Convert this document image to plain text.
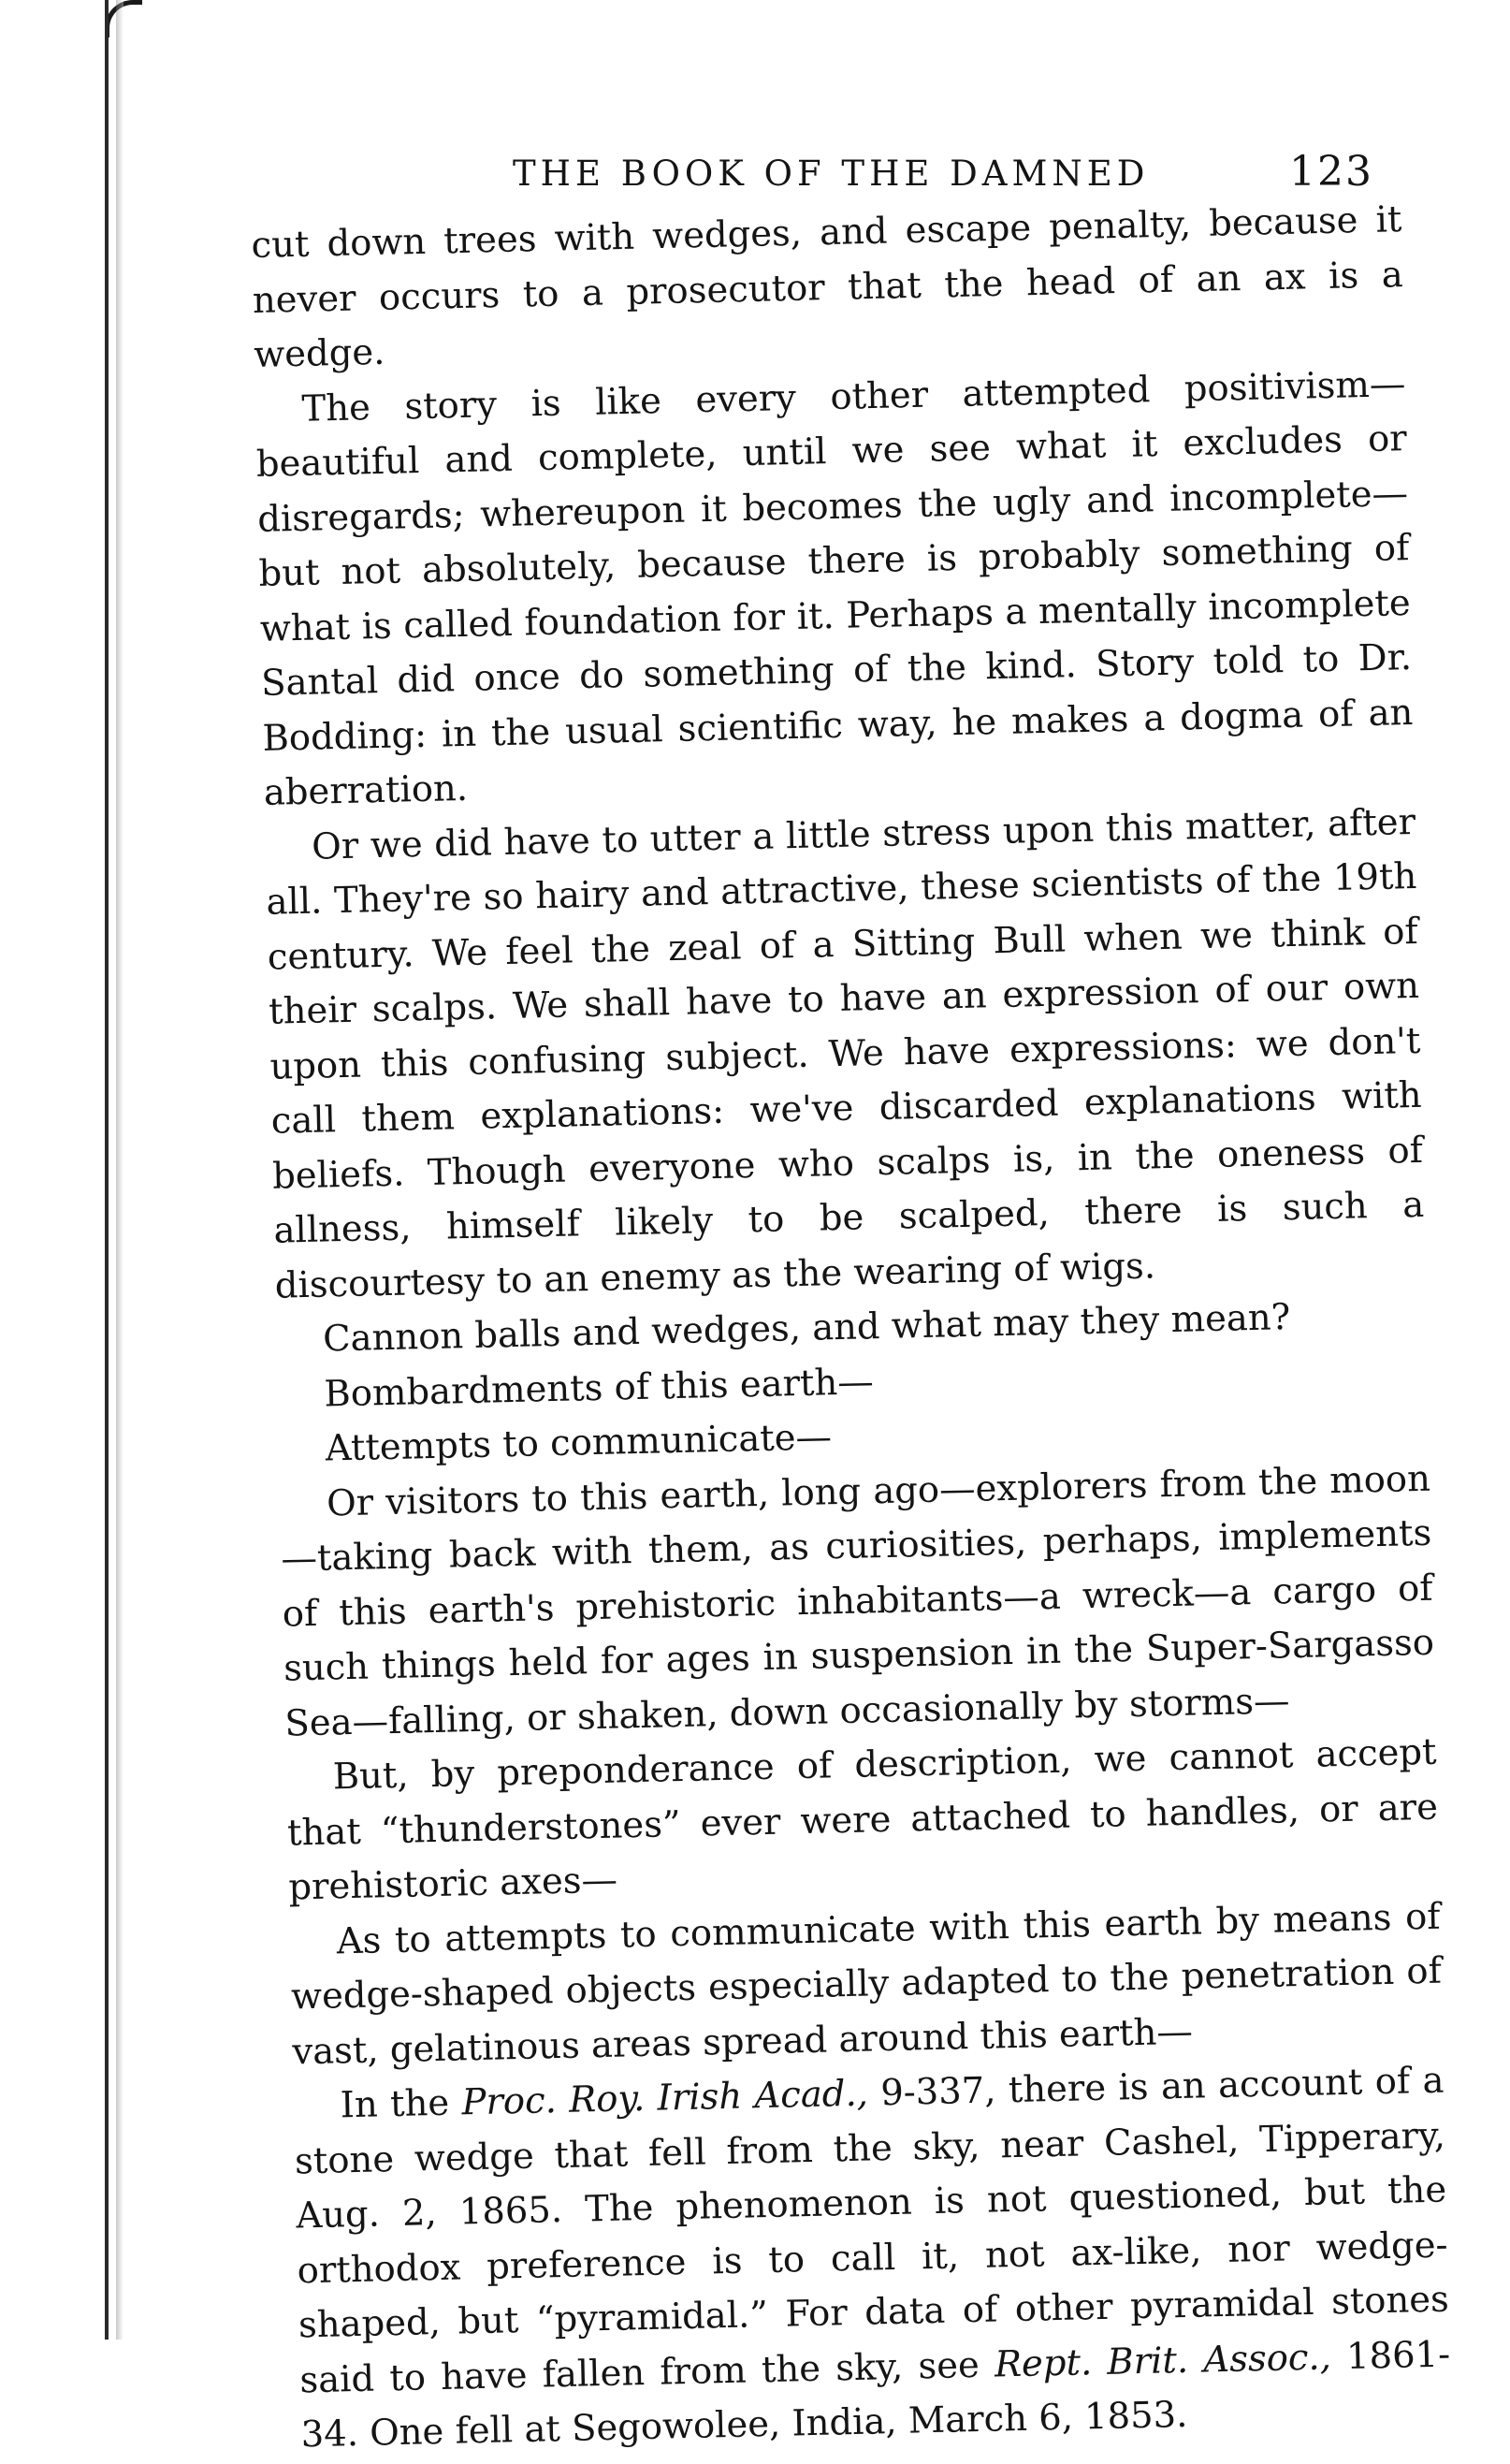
THE BOOK OF THE DAMNED	123

cut down trees with wedges, and escape penalty, because it never occurs to a prosecutor that the head of an ax is a wedge.

The story is like every other attempted positivism—beautiful and complete, until we see what it excludes or disregards; whereupon it becomes the ugly and incomplete—but not absolutely, because there is probably something of what is called foundation for it. Perhaps a mentally incomplete Santal did once do something of the kind. Story told to Dr. Bodding: in the usual scientific way, he makes a dogma of an aberration.

Or we did have to utter a little stress upon this matter, after all. They're so hairy and attractive, these scientists of the 19th century. We feel the zeal of a Sitting Bull when we think of their scalps. We shall have to have an expression of our own upon this confusing subject. We have expressions: we don't call them explanations: we've discarded explanations with beliefs. Though everyone who scalps is, in the oneness of allness, himself likely to be scalped, there is such a discourtesy to an enemy as the wearing of wigs.

Cannon balls and wedges, and what may they mean?

Bombardments of this earth—

Attempts to communicate—

Or visitors to this earth, long ago—explorers from the moon—taking back with them, as curiosities, perhaps, implements of this earth's prehistoric inhabitants—a wreck—a cargo of such things held for ages in suspension in the Super-Sargasso Sea—falling, or shaken, down occasionally by storms—

But, by preponderance of description, we cannot accept that “thunderstones” ever were attached to handles, or are prehistoric axes—

As to attempts to communicate with this earth by means of wedge-shaped objects especially adapted to the penetration of vast, gelatinous areas spread around this earth—

In the Proc. Roy. Irish Acad., 9-337, there is an account of a stone wedge that fell from the sky, near Cashel, Tipperary, Aug. 2, 1865. The phenomenon is not questioned, but the orthodox preference is to call it, not ax-like, nor wedge-shaped, but “pyramidal.” For data of other pyramidal stones said to have fallen from the sky, see Rept. Brit. Assoc., 1861-34. One fell at Segowolee, India, March 6, 1853.
